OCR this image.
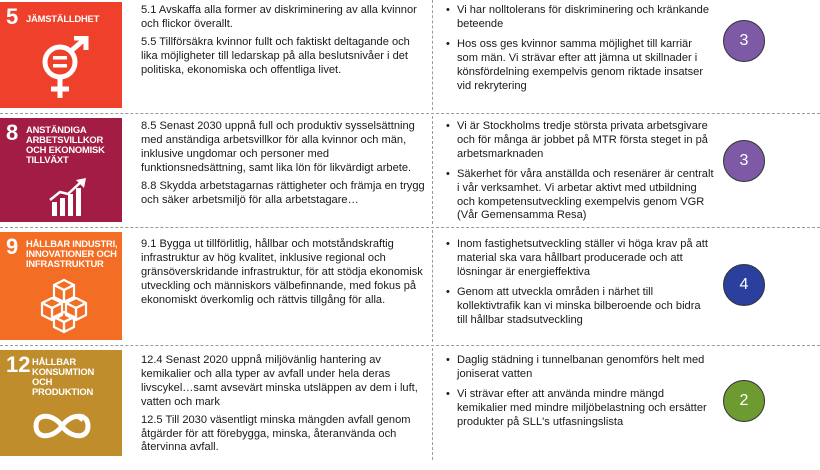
5 JÄMSTÄLLDHET

5.1 Avskaffa alla former av diskriminering av alla kvinnor och flickor överallt.

5.5 Tillförsäkra kvinnor fullt och faktiskt deltagande och lika möjligheter till ledarskap på alla beslutsnivåer i det politiska, ekonomiska och offentliga livet.

• Vi har nolltolerans för diskriminering och kränkande beteende
• Hos oss ges kvinnor samma möjlighet till karriär som män. Vi strävar efter att jämna ut skillnader i könsfördelning exempelvis genom riktade insatser vid rekrytering
3
8 ANSTÄNDIGA ARBETSVILLKOR OCH EKONOMISK TILLVÄXT

8.5 Senast 2030 uppnå full och produktiv sysselsättning med anständiga arbetsvillkor för alla kvinnor och män, inklusive ungdomar och personer med funktionsnedsättning, samt lika lön för likvärdigt arbete.

8.8 Skydda arbetstagarnas rättigheter och främja en trygg och säker arbetsmiljö för alla arbetstagare…

• Vi är Stockholms tredje största privata arbetsgivare och för många är jobbet på MTR första steget in på arbetsmarknaden
• Säkerhet för våra anställda och resenärer är centralt i vår verksamhet. Vi arbetar aktivt med utbildning och kompetensutveckling exempelvis genom VGR (Vår Gemensamma Resa)
3
9 HÅLLBAR INDUSTRI, INNOVATIONER OCH INFRASTRUKTUR

9.1 Bygga ut tillförlitlig, hållbar och motståndskraftig infrastruktur av hög kvalitet, inklusive regional och gränsöverskridande infrastruktur, för att stödja ekonomisk utveckling och människors välbefinnande, med fokus på ekonomiskt överkomlig och rättvis tillgång för alla.

• Inom fastighetsutveckling ställer vi höga krav på att material ska vara hållbart producerade och att lösningar är energieffektiva
• Genom att utveckla områden i närhet till kollektivtrafik kan vi minska bilberoende och bidra till hållbar stadsutveckling
4
12 HÅLLBAR KONSUMTION OCH PRODUKTION

12.4 Senast 2020 uppnå miljövänlig hantering av kemikalier och alla typer av avfall under hela deras livscykel…samt avsevärt minska utsläppen av dem i luft, vatten och mark

12.5 Till 2030 väsentligt minska mängden avfall genom åtgärder för att förebygga, minska, återanvända och återvinna avfall.

• Daglig städning i tunnelbanan genomförs helt med joniserat vatten
• Vi strävar efter att använda mindre mängd kemikalier med mindre miljöbelastning och ersätter produkter på SLL's utfasningslista
2
